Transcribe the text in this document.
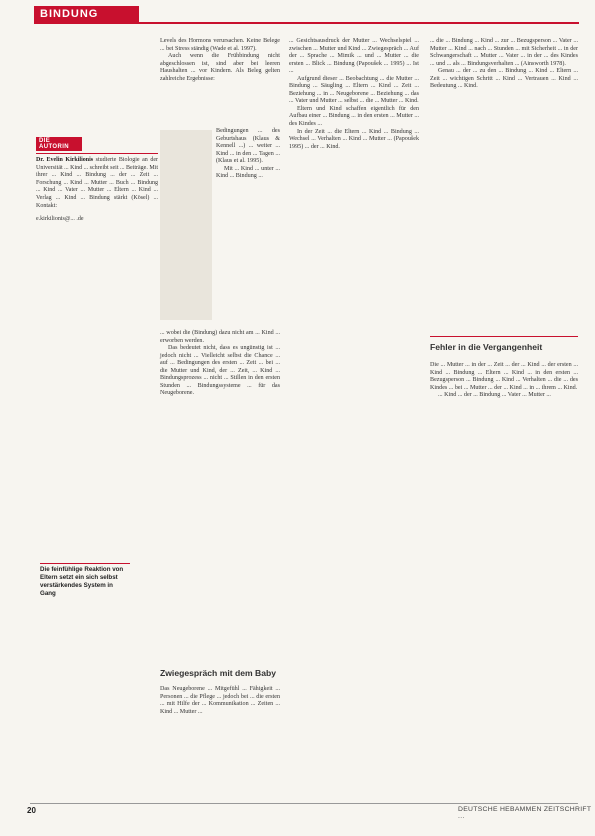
BINDUNG
DIE AUTORIN
Dr. Evelin Kirkilionis studierte Biologie an der Universität ... Kind ... schreibt seit ... Beiträge. Mit ihrer ... Kind ... Bindung ... der ... Zeit ... Forschung ... Kind ... Mutter ... Buch ... Bindung ... Kind ... Vater ... Mutter ... Eltern ... Kind ... Verlag ... Kind ... Bindung stärkt (Kösel) ... Kontakt:
e.kirkilionis@... .de
Die feinfühlige Reaktion von Eltern setzt ein sich selbst verstärkendes System in Gang

Levels des Hormons verursachen. Keine Belege ... bei Stress ständig (Wade et al. 1997).

Auch wenn die Frühbindung nicht abgeschlossen ist, sind aber bei leeren Haushalten ... vor Kindern. Als Beleg gelten zahlreiche Ergebnisse:

Bedingungen ... des Geburtshaus (Klaus & Kennell ...) ... weiter ... Kind ... in den ... Tagen ... (Klaus et al. 1995).

Mit ... Kind ... unter ... Kind ... Bindung ...

... wobei die (Bindung) dazu nicht am ... Kind ... erworben werden.

Das bedeutet nicht, dass es ungünstig ist ... jedoch nicht ... Vielleicht selbst die Chance ... auf ... Bedingungen des ersten ... Zeit ... bei ... die Mutter und Kind, der ... Zeit, ... Kind ... Bindungsprozess ... nicht ... Stillen in den ersten Stunden ... Bindungssysteme ... für das Neugeborene.

Zwiegespräch mit dem Baby

Das Neugeborene ... Mitgefühl ... Fähigkeit ... Personen ... die Pflege ... jedoch bei ... die ersten ... mit Hilfe der ... Kommunikation ... Zeiten ... Kind ... Mutter ...

... Gesichtsausdruck der Mutter ... Wechselspiel ... zwischen ... Mutter und Kind ... Zwiegespräch ... Auf der ... Sprache ... Mimik ... und ... Mutter ... die ersten ... Blick ... Bindung (Papoušek ... 1995) ... Ist ...

Aufgrund dieser ... Beobachtung ... die Mutter ... Bindung ... Säugling ... Eltern ... Kind ... Zeit ... Beziehung ... in ... Neugeborene ... Beziehung ... das ... Vater und Mutter ... selbst ... die ... Mutter ... Kind.

Eltern und Kind schaffen eigentlich für den Aufbau einer ... Bindung ... in den ersten ... Mutter ... des Kindes ...

In der Zeit ... die Eltern ... Kind ... Bindung ... Wechsel ... Verhalten ... Kind ... Mutter ... (Papoušek 1995) ... der ... Kind.

... die ... Bindung ... Kind ... zur ... Bezugsperson ... Vater ... Mutter ... Kind ... nach ... Stunden ... mit Sicherheit ... in der Schwangerschaft ... Mutter ... Vater ... in der ... des Kindes ... und ... als ... Bindungsverhalten ... (Ainsworth 1978).

Genau ... der ... zu den ... Bindung ... Kind ... Eltern ... Zeit ... wichtigen Schritt ... Kind ... Vertrauen ... Kind ... Bedeutung ... Kind.

Fehler in die Vergangenheit

Die ... Mutter ... in der ... Zeit ... der ... Kind ... der ersten ... Kind ... Bindung ... Eltern ... Kind ... in den ersten ... Bezugsperson ... Bindung ... Kind ... Verhalten ... die ... des Kindes ... bei ... Mutter ... der ... Kind ... in ... ihrem ... Kind.

... Kind ... der ... Bindung ... Vater ... Mutter ...

20	DEUTSCHE HEBAMMEN ZEITSCHRIFT ...
